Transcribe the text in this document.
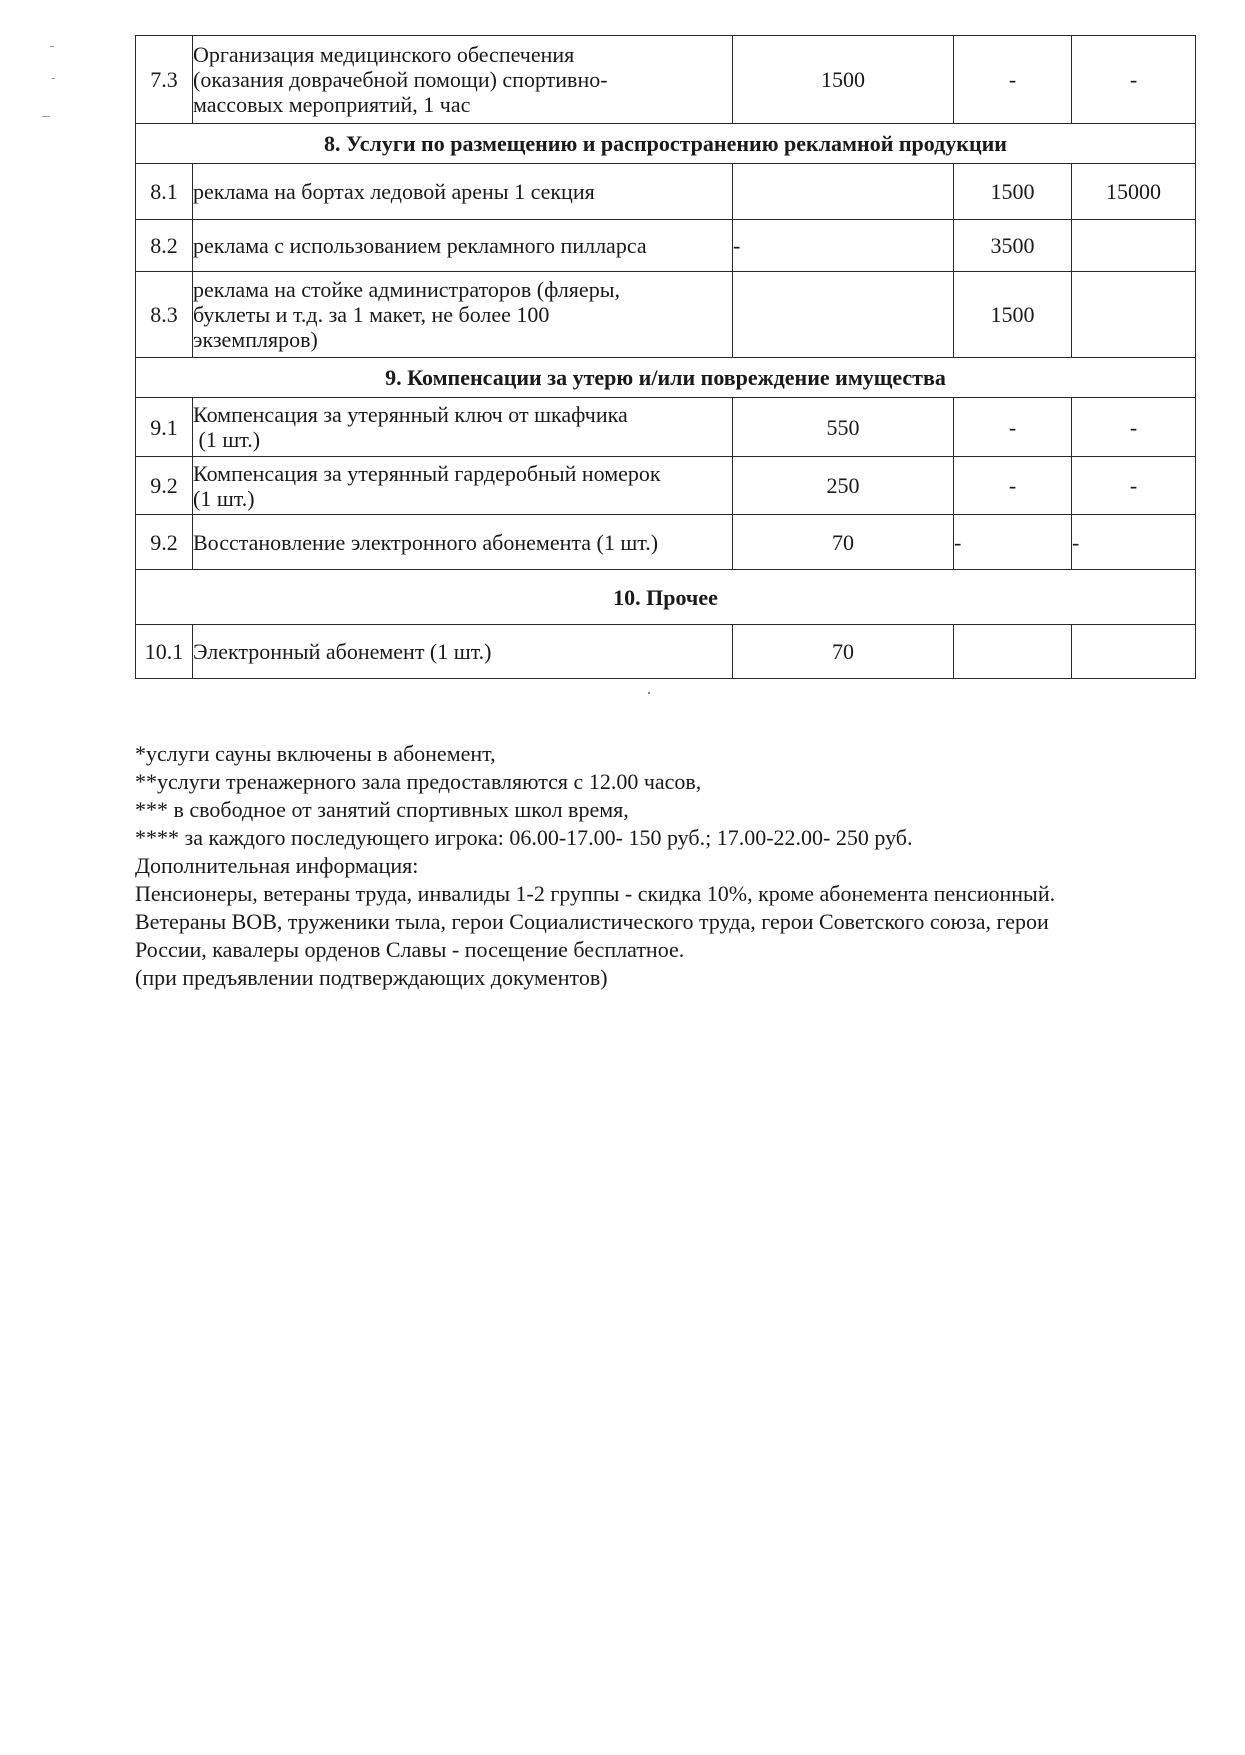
7.3	Организация медицинского обеспечения
(оказания доврачебной помощи) спортивно-
массовых мероприятий, 1 час	1500	-	-
8. Услуги по размещению и распространению рекламной продукции				
8.1	реклама на бортах ледовой арены 1 секция		1500	15000
8.2	реклама с использованием рекламного пилларса	-	3500	
8.3	реклама на стойке администраторов (фляеры,
буклеты и т.д. за 1 макет, не более 100
экземпляров)		1500	
9. Компенсации за утерю и/или повреждение имущества				
9.1	Компенсация за утерянный ключ от шкафчика
(1 шт.)	550	-	-
9.2	Компенсация за утерянный гардеробный номерок
(1 шт.)	250	-	-
9.2	Восстановление электронного абонемента (1 шт.)	70	-	-
10. Прочее				
10.1	Электронный абонемент (1 шт.)	70		
*услуги сауны включены в абонемент,
**услуги тренажерного зала предоставляются с 12.00 часов,
*** в свободное от занятий спортивных школ время,
**** за каждого последующего игрока: 06.00-17.00- 150 руб.; 17.00-22.00- 250 руб.
Дополнительная информация:
Пенсионеры, ветераны труда, инвалиды 1-2 группы - скидка 10%, кроме абонемента пенсионный.
Ветераны ВОВ, труженики тыла, герои Социалистического труда, герои Советского союза, герои
России, кавалеры орденов Славы - посещение бесплатное.
(при предъявлении подтверждающих документов)
